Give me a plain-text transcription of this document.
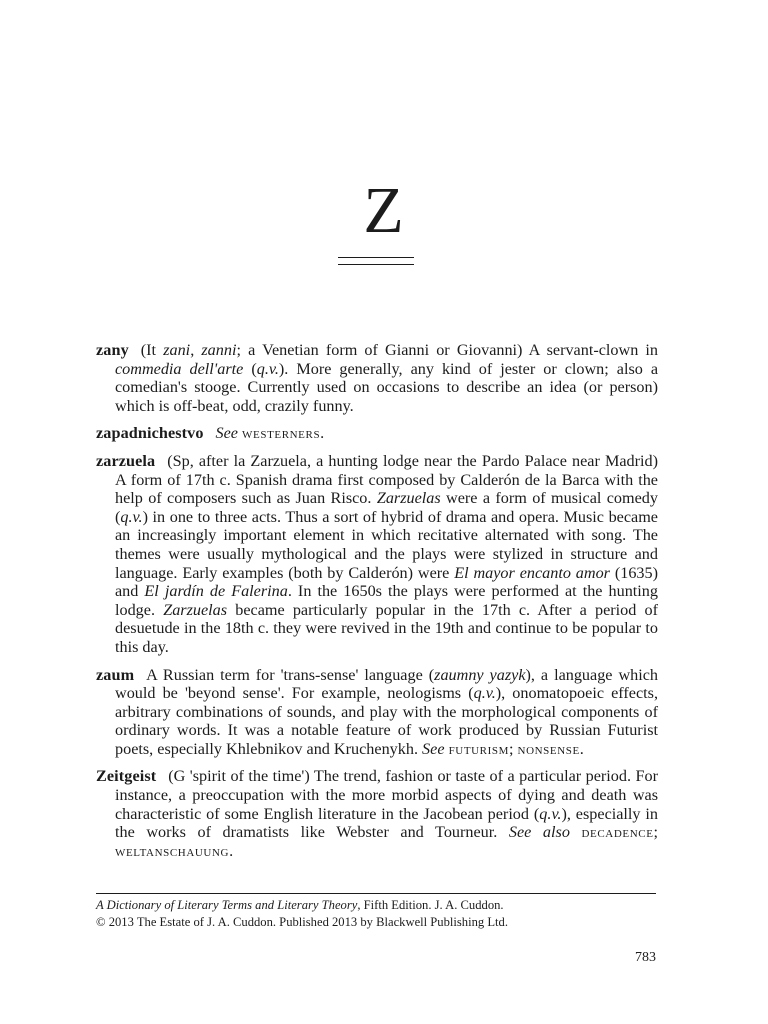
Z

zany (It zani, zanni; a Venetian form of Gianni or Giovanni) A servant-clown in commedia dell'arte (q.v.). More generally, any kind of jester or clown; also a comedian's stooge. Currently used on occasions to describe an idea (or person) which is off-beat, odd, crazily funny.

zapadnichestvo See westerners.

zarzuela (Sp, after la Zarzuela, a hunting lodge near the Pardo Palace near Madrid) A form of 17th c. Spanish drama first composed by Calderón de la Barca with the help of composers such as Juan Risco. Zarzuelas were a form of musical comedy (q.v.) in one to three acts. Thus a sort of hybrid of drama and opera. Music became an increasingly important element in which recitative alternated with song. The themes were usually mythological and the plays were stylized in structure and language. Early examples (both by Calderón) were El mayor encanto amor (1635) and El jardín de Falerina. In the 1650s the plays were performed at the hunting lodge. Zarzuelas became particularly popular in the 17th c. After a period of desuetude in the 18th c. they were revived in the 19th and continue to be popular to this day.

zaum A Russian term for 'trans-sense' language (zaumny yazyk), a language which would be 'beyond sense'. For example, neologisms (q.v.), onomatopoeic effects, arbitrary combinations of sounds, and play with the morphological components of ordinary words. It was a notable feature of work produced by Russian Futurist poets, especially Khlebnikov and Kruchenykh. See futurism; nonsense.

Zeitgeist (G 'spirit of the time') The trend, fashion or taste of a particular period. For instance, a preoccupation with the more morbid aspects of dying and death was characteristic of some English literature in the Jacobean period (q.v.), especially in the works of dramatists like Webster and Tourneur. See also decadence; weltanschauung.

A Dictionary of Literary Terms and Literary Theory, Fifth Edition. J. A. Cuddon.
© 2013 The Estate of J. A. Cuddon. Published 2013 by Blackwell Publishing Ltd.
783
